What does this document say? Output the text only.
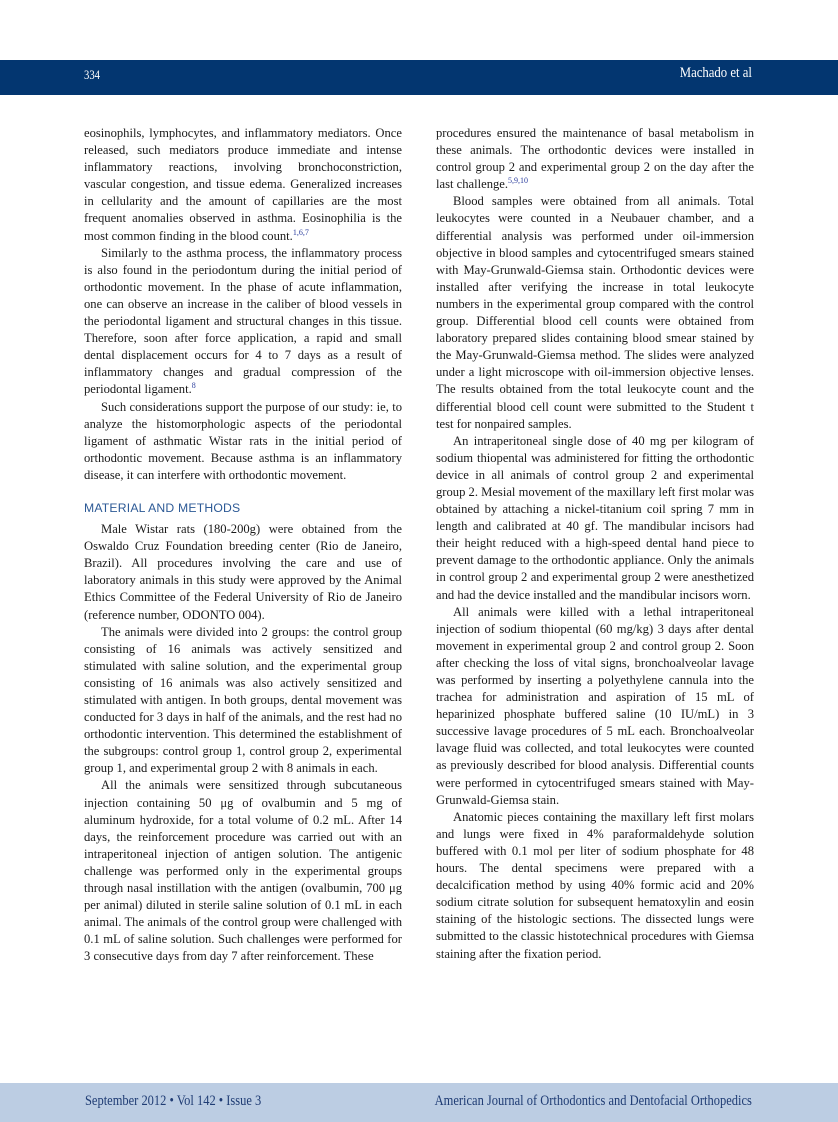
334	Machado et al

eosinophils, lymphocytes, and inflammatory mediators. Once released, such mediators produce immediate and intense inflammatory reactions, involving bronchoconstriction, vascular congestion, and tissue edema. Generalized increases in cellularity and the amount of capillaries are the most frequent anomalies observed in asthma. Eosinophilia is the most common finding in the blood count.$^{1,6,7}$

Similarly to the asthma process, the inflammatory process is also found in the periodontum during the initial period of orthodontic movement. In the phase of acute inflammation, one can observe an increase in the caliber of blood vessels in the periodontal ligament and structural changes in this tissue. Therefore, soon after force application, a rapid and small dental displacement occurs for 4 to 7 days as a result of inflammatory changes and gradual compression of the periodontal ligament.$^8$

Such considerations support the purpose of our study: ie, to analyze the histomorphologic aspects of the periodontal ligament of asthmatic Wistar rats in the initial period of orthodontic movement. Because asthma is an inflammatory disease, it can interfere with orthodontic movement.

MATERIAL AND METHODS

Male Wistar rats (180-200g) were obtained from the Oswaldo Cruz Foundation breeding center (Rio de Janeiro, Brazil). All procedures involving the care and use of laboratory animals in this study were approved by the Animal Ethics Committee of the Federal University of Rio de Janeiro (reference number, ODONTO 004).

The animals were divided into 2 groups: the control group consisting of 16 animals was actively sensitized and stimulated with saline solution, and the experimental group consisting of 16 animals was also actively sensitized and stimulated with antigen. In both groups, dental movement was conducted for 3 days in half of the animals, and the rest had no orthodontic intervention. This determined the establishment of the subgroups: control group 1, control group 2, experimental group 1, and experimental group 2 with 8 animals in each.

All the animals were sensitized through subcutaneous injection containing 50 μg of ovalbumin and 5 mg of aluminum hydroxide, for a total volume of 0.2 mL. After 14 days, the reinforcement procedure was carried out with an intraperitoneal injection of antigen solution. The antigenic challenge was performed only in the experimental groups through nasal instillation with the antigen (ovalbumin, 700 μg per animal) diluted in sterile saline solution of 0.1 mL in each animal. The animals of the control group were challenged with 0.1 mL of saline solution. Such challenges were performed for 3 consecutive days from day 7 after reinforcement. These

procedures ensured the maintenance of basal metabolism in these animals. The orthodontic devices were installed in control group 2 and experimental group 2 on the day after the last challenge.$^{5,9,10}$

Blood samples were obtained from all animals. Total leukocytes were counted in a Neubauer chamber, and a differential analysis was performed under oil-immersion objective in blood samples and cytocentrifuged smears stained with May-Grunwald-Giemsa stain. Orthodontic devices were installed after verifying the increase in total leukocyte numbers in the experimental group compared with the control group. Differential blood cell counts were obtained from laboratory prepared slides containing blood smear stained by the May-Grunwald-Giemsa method. The slides were analyzed under a light microscope with oil-immersion objective lenses. The results obtained from the total leukocyte count and the differential blood cell count were submitted to the Student t test for nonpaired samples.

An intraperitoneal single dose of 40 mg per kilogram of sodium thiopental was administered for fitting the orthodontic device in all animals of control group 2 and experimental group 2. Mesial movement of the maxillary left first molar was obtained by attaching a nickel-titanium coil spring 7 mm in length and calibrated at 40 gf. The mandibular incisors had their height reduced with a high-speed dental hand piece to prevent damage to the orthodontic appliance. Only the animals in control group 2 and experimental group 2 were anesthetized and had the device installed and the mandibular incisors worn.

All animals were killed with a lethal intraperitoneal injection of sodium thiopental (60 mg/kg) 3 days after dental movement in experimental group 2 and control group 2. Soon after checking the loss of vital signs, bronchoalveolar lavage was performed by inserting a polyethylene cannula into the trachea for administration and aspiration of 15 mL of heparinized phosphate buffered saline (10 IU/mL) in 3 successive lavage procedures of 5 mL each. Bronchoalveolar lavage fluid was collected, and total leukocytes were counted as previously described for blood analysis. Differential counts were performed in cytocentrifuged smears stained with May-Grunwald-Giemsa stain.

Anatomic pieces containing the maxillary left first molars and lungs were fixed in 4% paraformaldehyde solution buffered with 0.1 mol per liter of sodium phosphate for 48 hours. The dental specimens were prepared with a decalcification method by using 40% formic acid and 20% sodium citrate solution for subsequent hematoxylin and eosin staining of the histologic sections. The dissected lungs were submitted to the classic histotechnical procedures with Giemsa staining after the fixation period.

September 2012 • Vol 142 • Issue 3	American Journal of Orthodontics and Dentofacial Orthopedics
